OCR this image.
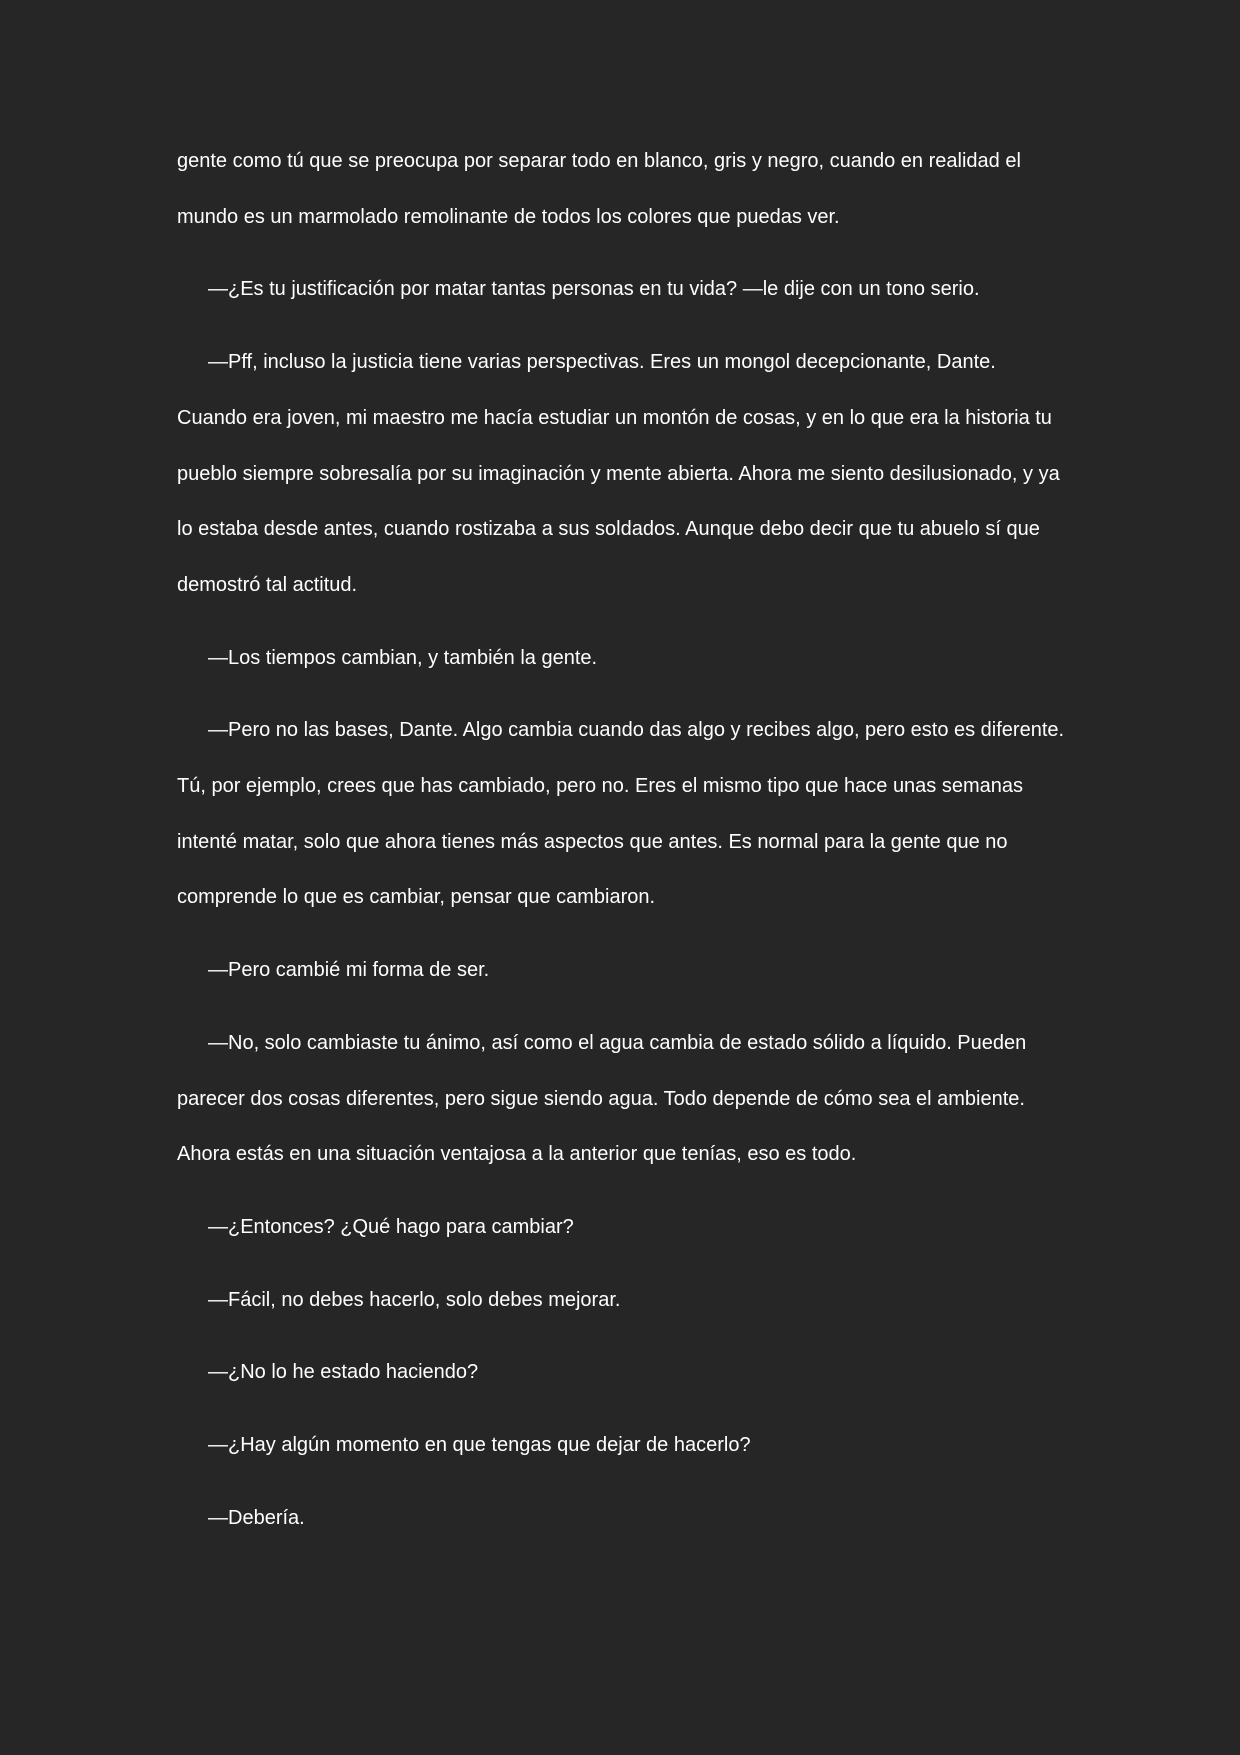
gente como tú que se preocupa por separar todo en blanco, gris y negro, cuando en realidad el mundo es un marmolado remolinante de todos los colores que puedas ver.

—¿Es tu justificación por matar tantas personas en tu vida? —le dije con un tono serio.

—Pff, incluso la justicia tiene varias perspectivas. Eres un mongol decepcionante, Dante. Cuando era joven, mi maestro me hacía estudiar un montón de cosas, y en lo que era la historia tu pueblo siempre sobresalía por su imaginación y mente abierta. Ahora me siento desilusionado, y ya lo estaba desde antes, cuando rostizaba a sus soldados. Aunque debo decir que tu abuelo sí que demostró tal actitud.

—Los tiempos cambian, y también la gente.

—Pero no las bases, Dante. Algo cambia cuando das algo y recibes algo, pero esto es diferente. Tú, por ejemplo, crees que has cambiado, pero no. Eres el mismo tipo que hace unas semanas intenté matar, solo que ahora tienes más aspectos que antes. Es normal para la gente que no comprende lo que es cambiar, pensar que cambiaron.

—Pero cambié mi forma de ser.

—No, solo cambiaste tu ánimo, así como el agua cambia de estado sólido a líquido. Pueden parecer dos cosas diferentes, pero sigue siendo agua. Todo depende de cómo sea el ambiente. Ahora estás en una situación ventajosa a la anterior que tenías, eso es todo.

—¿Entonces? ¿Qué hago para cambiar?

—Fácil, no debes hacerlo, solo debes mejorar.

—¿No lo he estado haciendo?

—¿Hay algún momento en que tengas que dejar de hacerlo?

—Debería.
